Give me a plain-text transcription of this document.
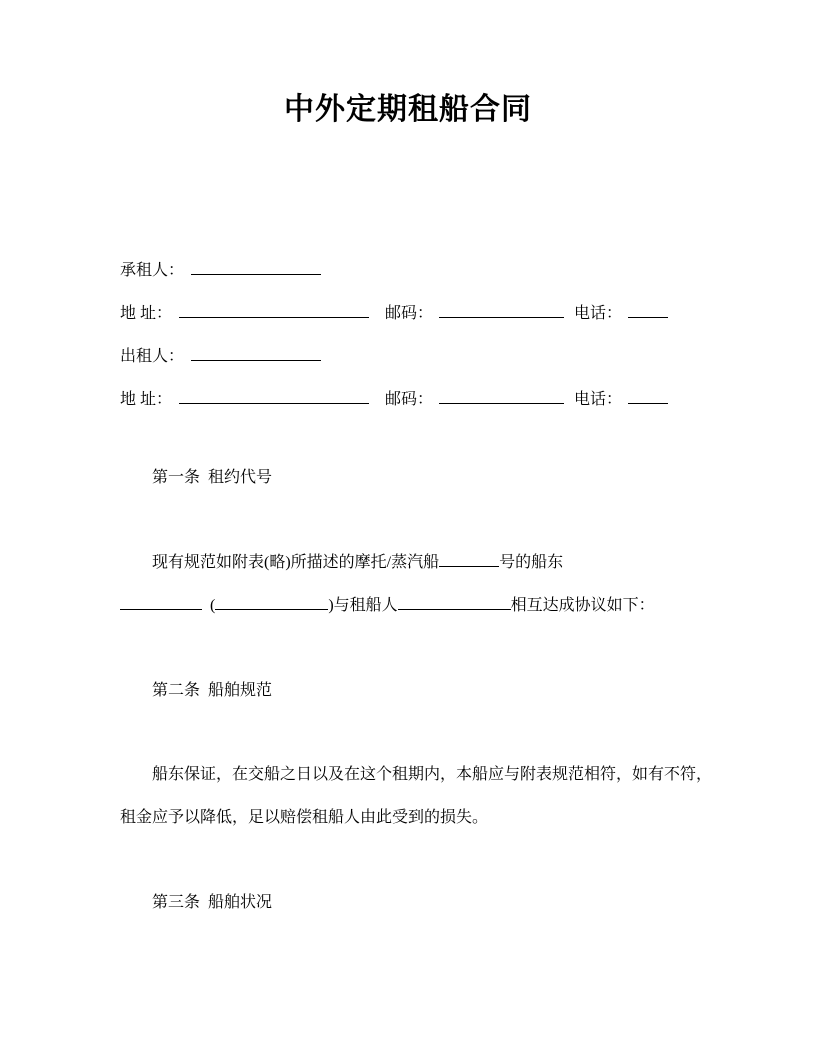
中外定期租船合同
承租人：
地 址：	邮码：	电话：
出租人：
地 址：	邮码：	电话：
第一条  租约代号
现有规范如附表(略)所描述的摩托/蒸汽船	号的船东
(	)与租船人	相互达成协议如下：
第二条  船舶规范
船东保证，在交船之日以及在这个租期内，本船应与附表规范相符，如有不符，
租金应予以降低，足以赔偿租船人由此受到的损失。
第三条  船舶状况
